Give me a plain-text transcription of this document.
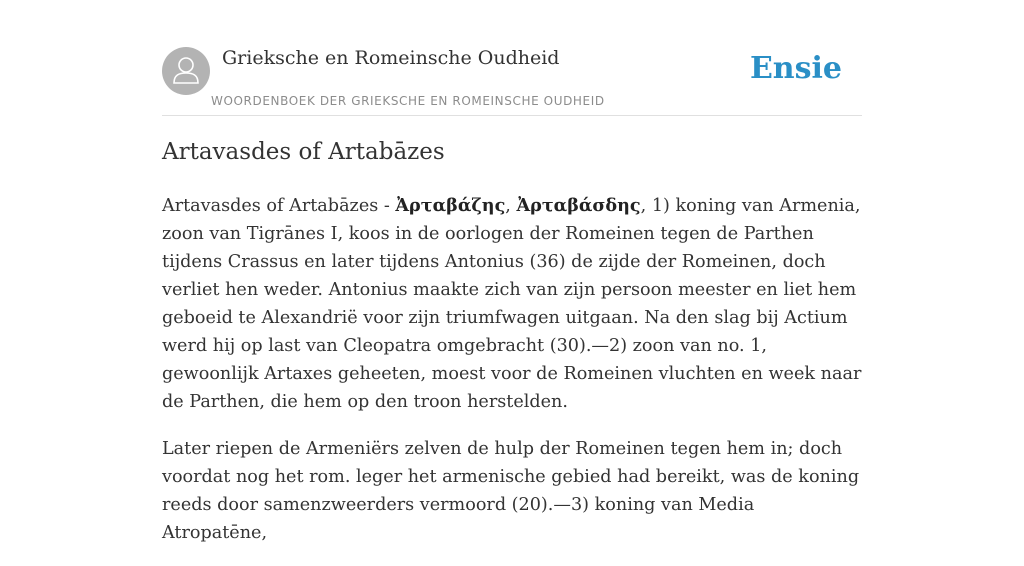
Grieksche en Romeinsche Oudheid
WOORDENBOEK DER GRIEKSCHE EN ROMEINSCHE OUDHEID
Ensie
Artavasdes of Artabāzes

Artavasdes of Artabāzes - Ἀρταβάζης, Ἀρταβάσδης, 1) koning van Armenia, zoon van Tigrānes I, koos in de oorlogen der Romeinen tegen de Parthen tijdens Crassus en later tijdens Antonius (36) de zijde der Romeinen, doch verliet hen weder. Antonius maakte zich van zijn persoon meester en liet hem geboeid te Alexandrië voor zijn triumfwagen uitgaan. Na den slag bij Actium werd hij op last van Cleopatra omgebracht (30).—2) zoon van no. 1, gewoonlijk Artaxes geheeten, moest voor de Romeinen vluchten en week naar de Parthen, die hem op den troon herstelden.

Later riepen de Armeniërs zelven de hulp der Romeinen tegen hem in; doch voordat nog het rom. leger het armenische gebied had bereikt, was de koning reeds door samenzweerders vermoord (20).—3) koning van Media Atropatēne,
